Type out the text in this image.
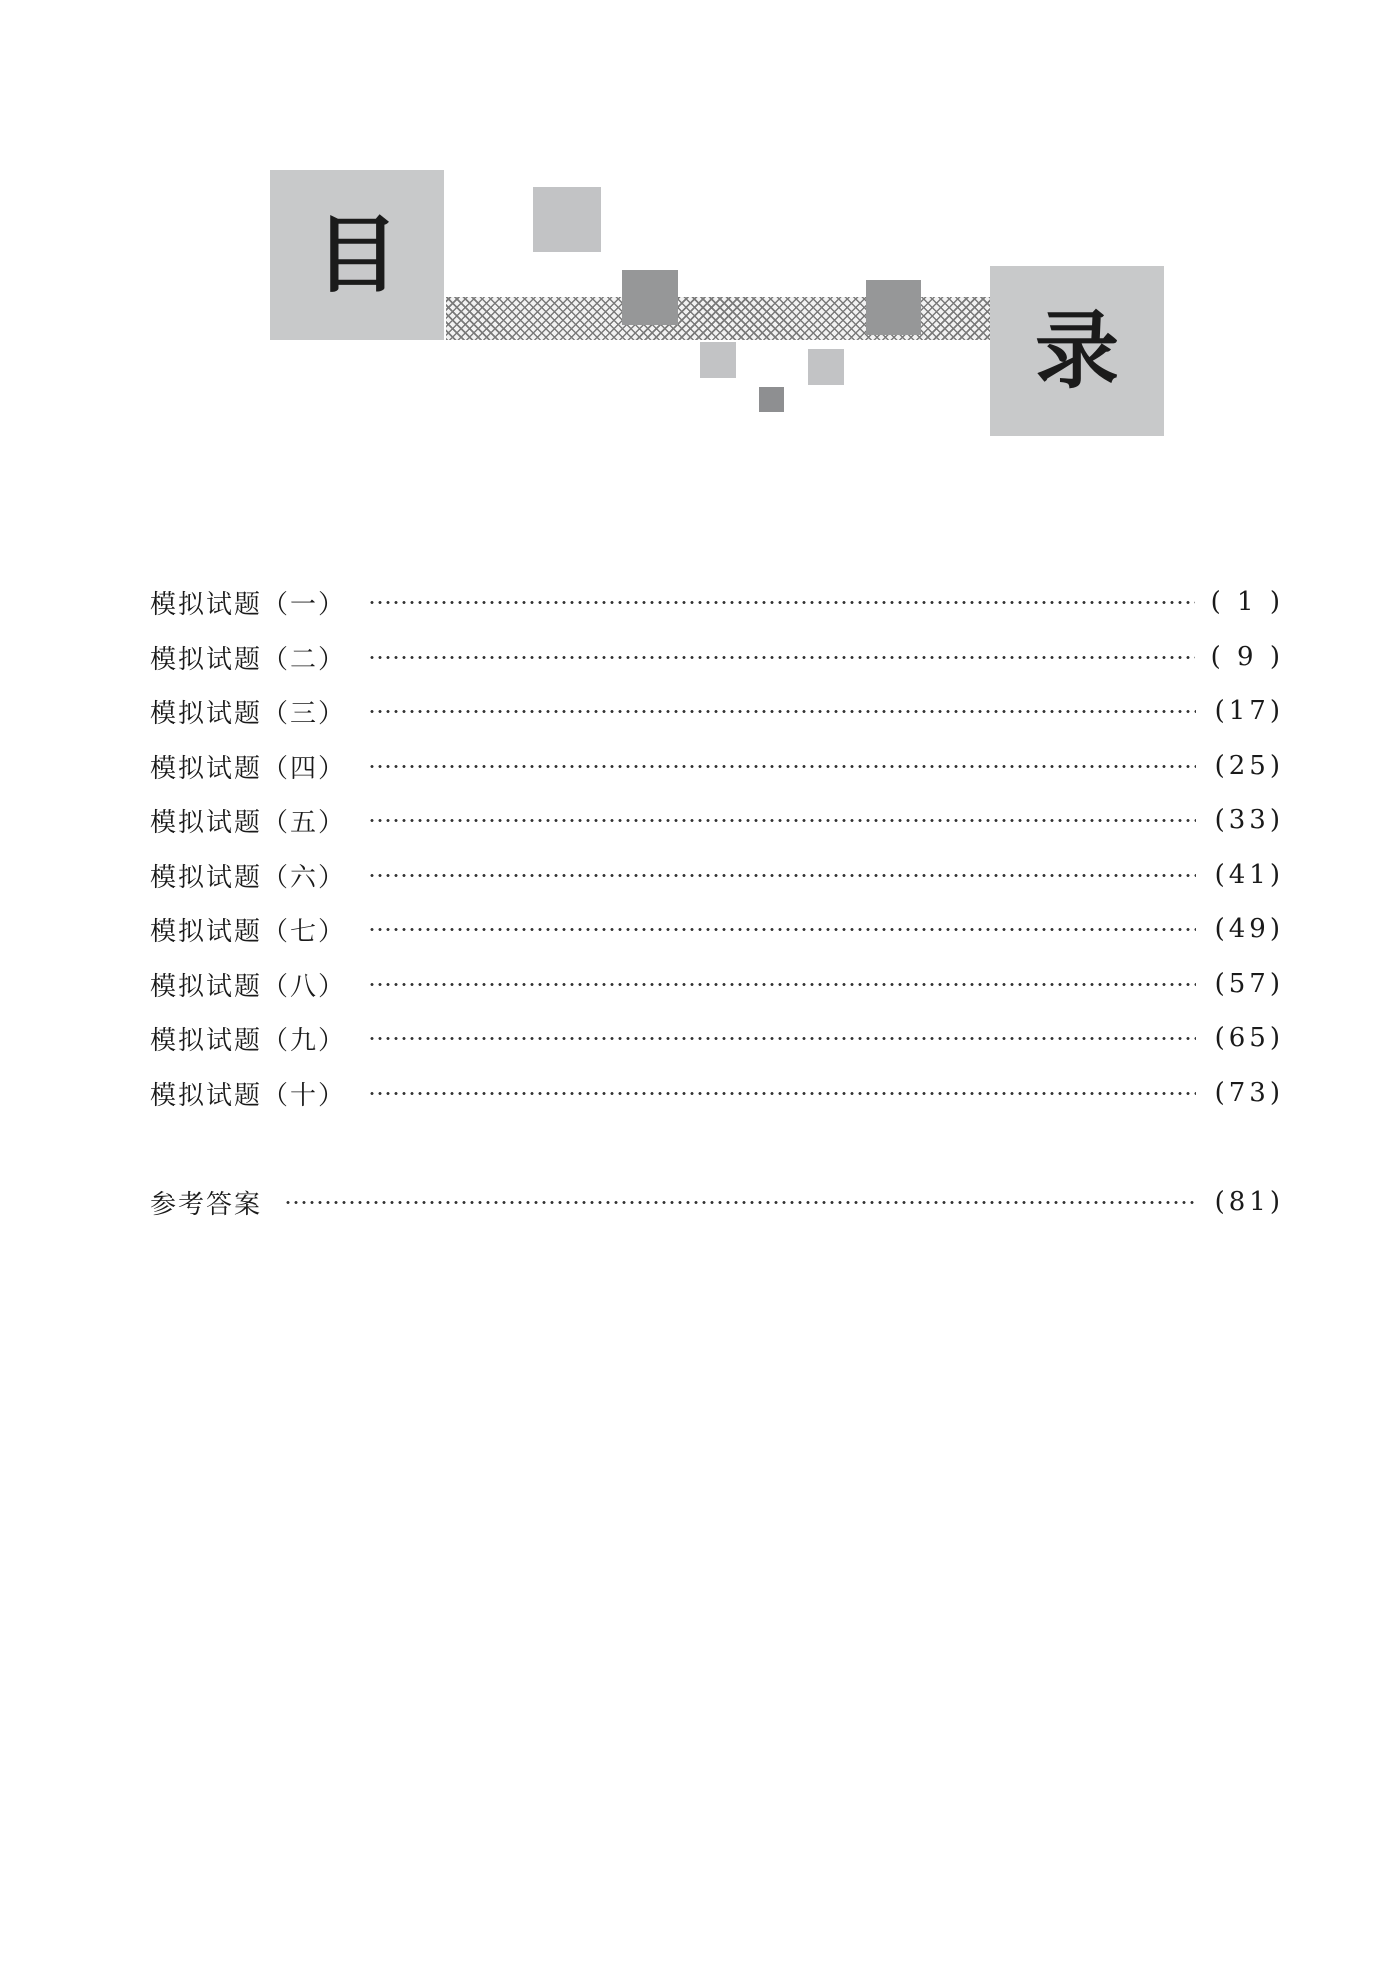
目
录
模拟试题（一）	( 1 )
模拟试题（二）	( 9 )
模拟试题（三）	(17)
模拟试题（四）	(25)
模拟试题（五）	(33)
模拟试题（六）	(41)
模拟试题（七）	(49)
模拟试题（八）	(57)
模拟试题（九）	(65)
模拟试题（十）	(73)
参考答案	(81)
